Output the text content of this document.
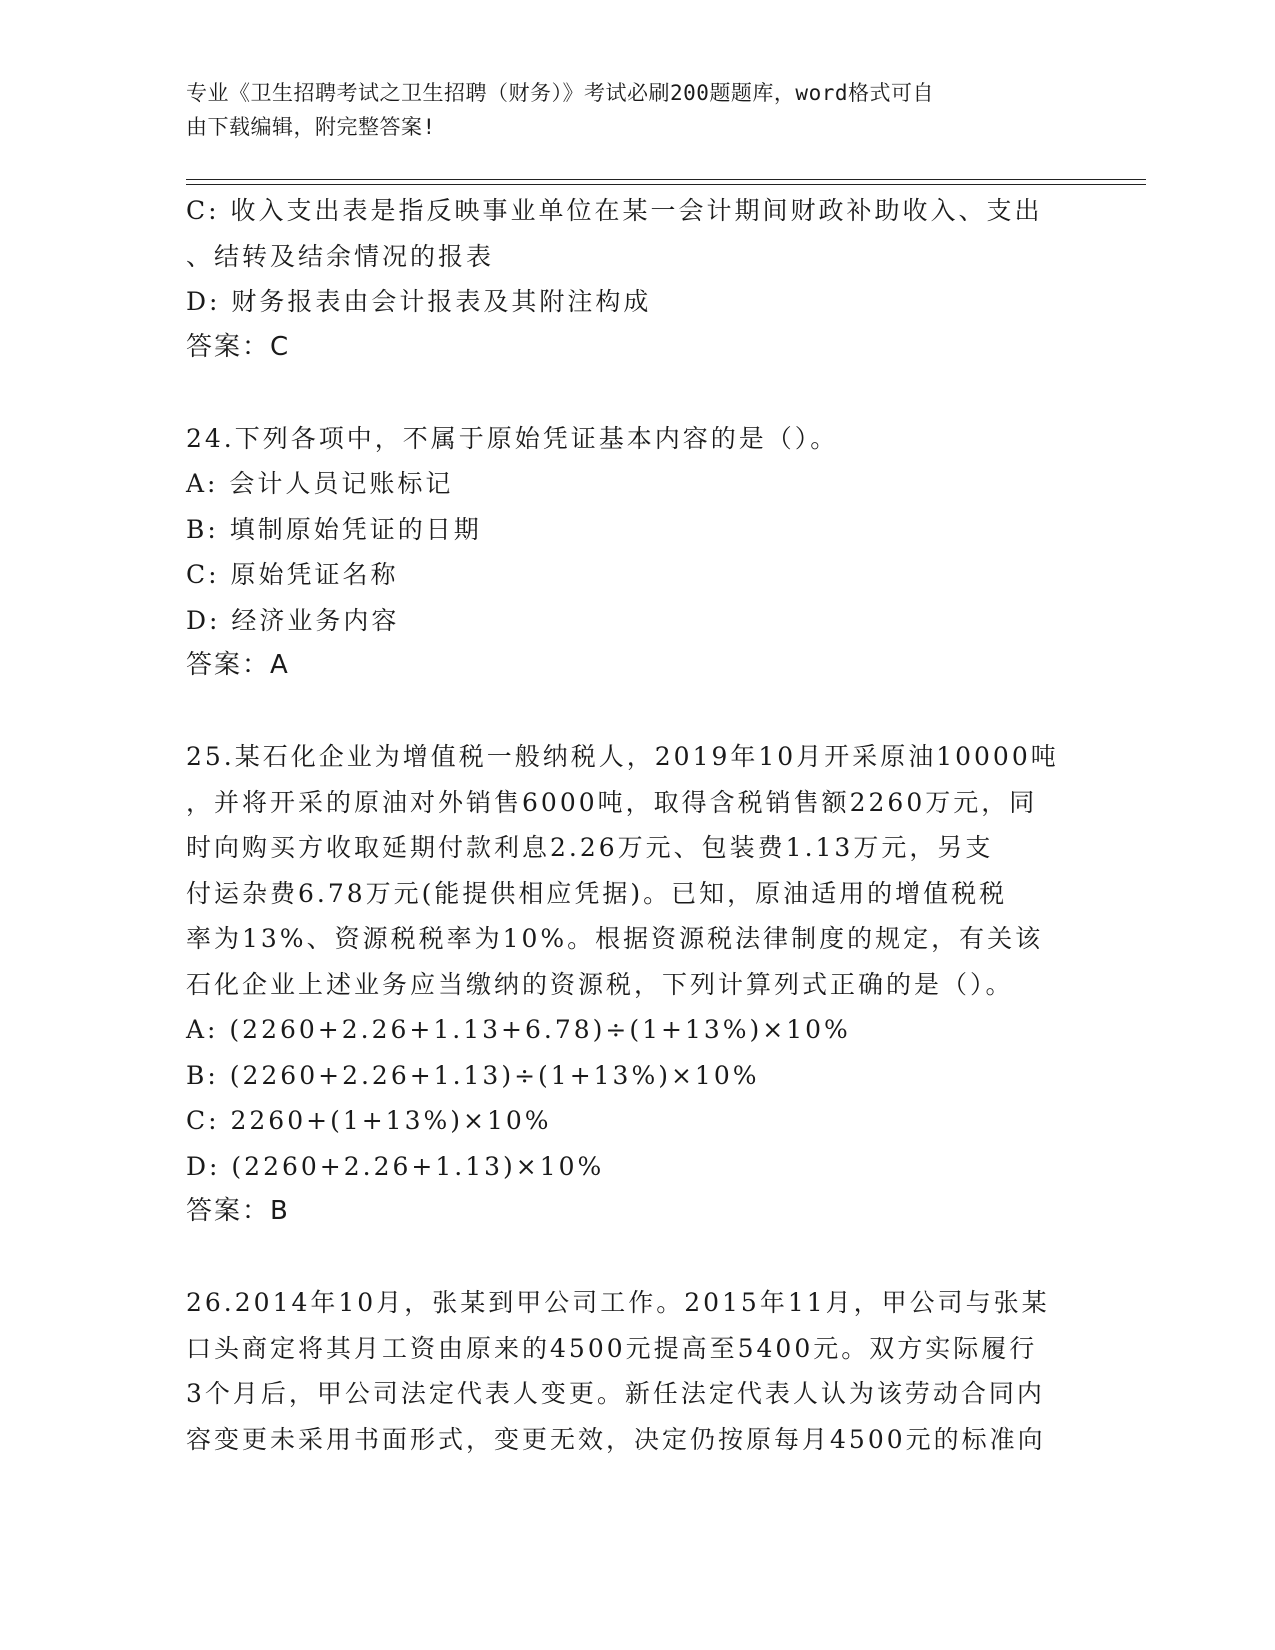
专业《卫生招聘考试之卫生招聘（财务）》考试必刷200题题库，word格式可自
由下载编辑，附完整答案!

C: 收入支出表是指反映事业单位在某一会计期间财政补助收入、支出

、结转及结余情况的报表

D: 财务报表由会计报表及其附注构成

答案：C

24.下列各项中，不属于原始凭证基本内容的是（）。

A: 会计人员记账标记

B: 填制原始凭证的日期

C: 原始凭证名称

D: 经济业务内容

答案：A

25.某石化企业为增值税一般纳税人，2019年10月开采原油10000吨

，并将开采的原油对外销售6000吨，取得含税销售额2260万元，同

时向购买方收取延期付款利息2.26万元、包装费1.13万元，另支

付运杂费6.78万元(能提供相应凭据)。已知，原油适用的增值税税

率为13%、资源税税率为10%。根据资源税法律制度的规定，有关该

石化企业上述业务应当缴纳的资源税，下列计算列式正确的是（）。

A: (2260+2.26+1.13+6.78)÷(1+13%)×10%

B: (2260+2.26+1.13)÷(1+13%)×10%

C: 2260+(1+13%)×10%

D: (2260+2.26+1.13)×10%

答案：B

26.2014年10月，张某到甲公司工作。2015年11月，甲公司与张某

口头商定将其月工资由原来的4500元提高至5400元。双方实际履行

3个月后，甲公司法定代表人变更。新任法定代表人认为该劳动合同内

容变更未采用书面形式，变更无效，决定仍按原每月4500元的标准向
